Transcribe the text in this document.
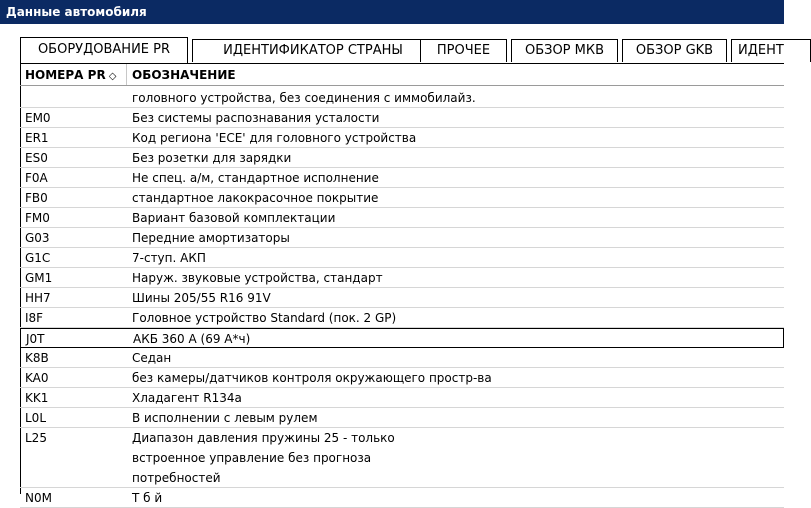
Данные автомобиля
ОБОРУДОВАНИЕ PR	ИДЕНТИФИКАТОР СТРАНЫ	ПРОЧЕЕ	ОБЗОР МКВ	ОБЗОР GKB	ИДЕНТ
НОМЕРА PR ◇ ОБОЗНАЧЕНИЕ
головного устройства, без соединения с иммобилайз.
EM0	Без системы распознавания усталости
ER1	Код региона 'ECE' для головного устройства
ES0	Без розетки для зарядки
F0A	Не спец. а/м, стандартное исполнение
FB0	стандартное лакокрасочное покрытие
FM0	Вариант базовой комплектации
G03	Передние амортизаторы
G1C	7-ступ. АКП
GM1	Наруж. звуковые устройства, стандарт
HH7	Шины 205/55 R16 91V
I8F	Головное устройство Standard (пок. 2 GP)
J0T	АКБ 360 А (69 А*ч)
K8B	Седан
KA0	без камеры/датчиков контроля окружающего простр-ва
KK1	Хладагент R134a
L0L	В исполнении с левым рулем
L25	Диапазон давления пружины 25 - только
встроенное управление без прогноза
потребностей
N0M	Т б й
